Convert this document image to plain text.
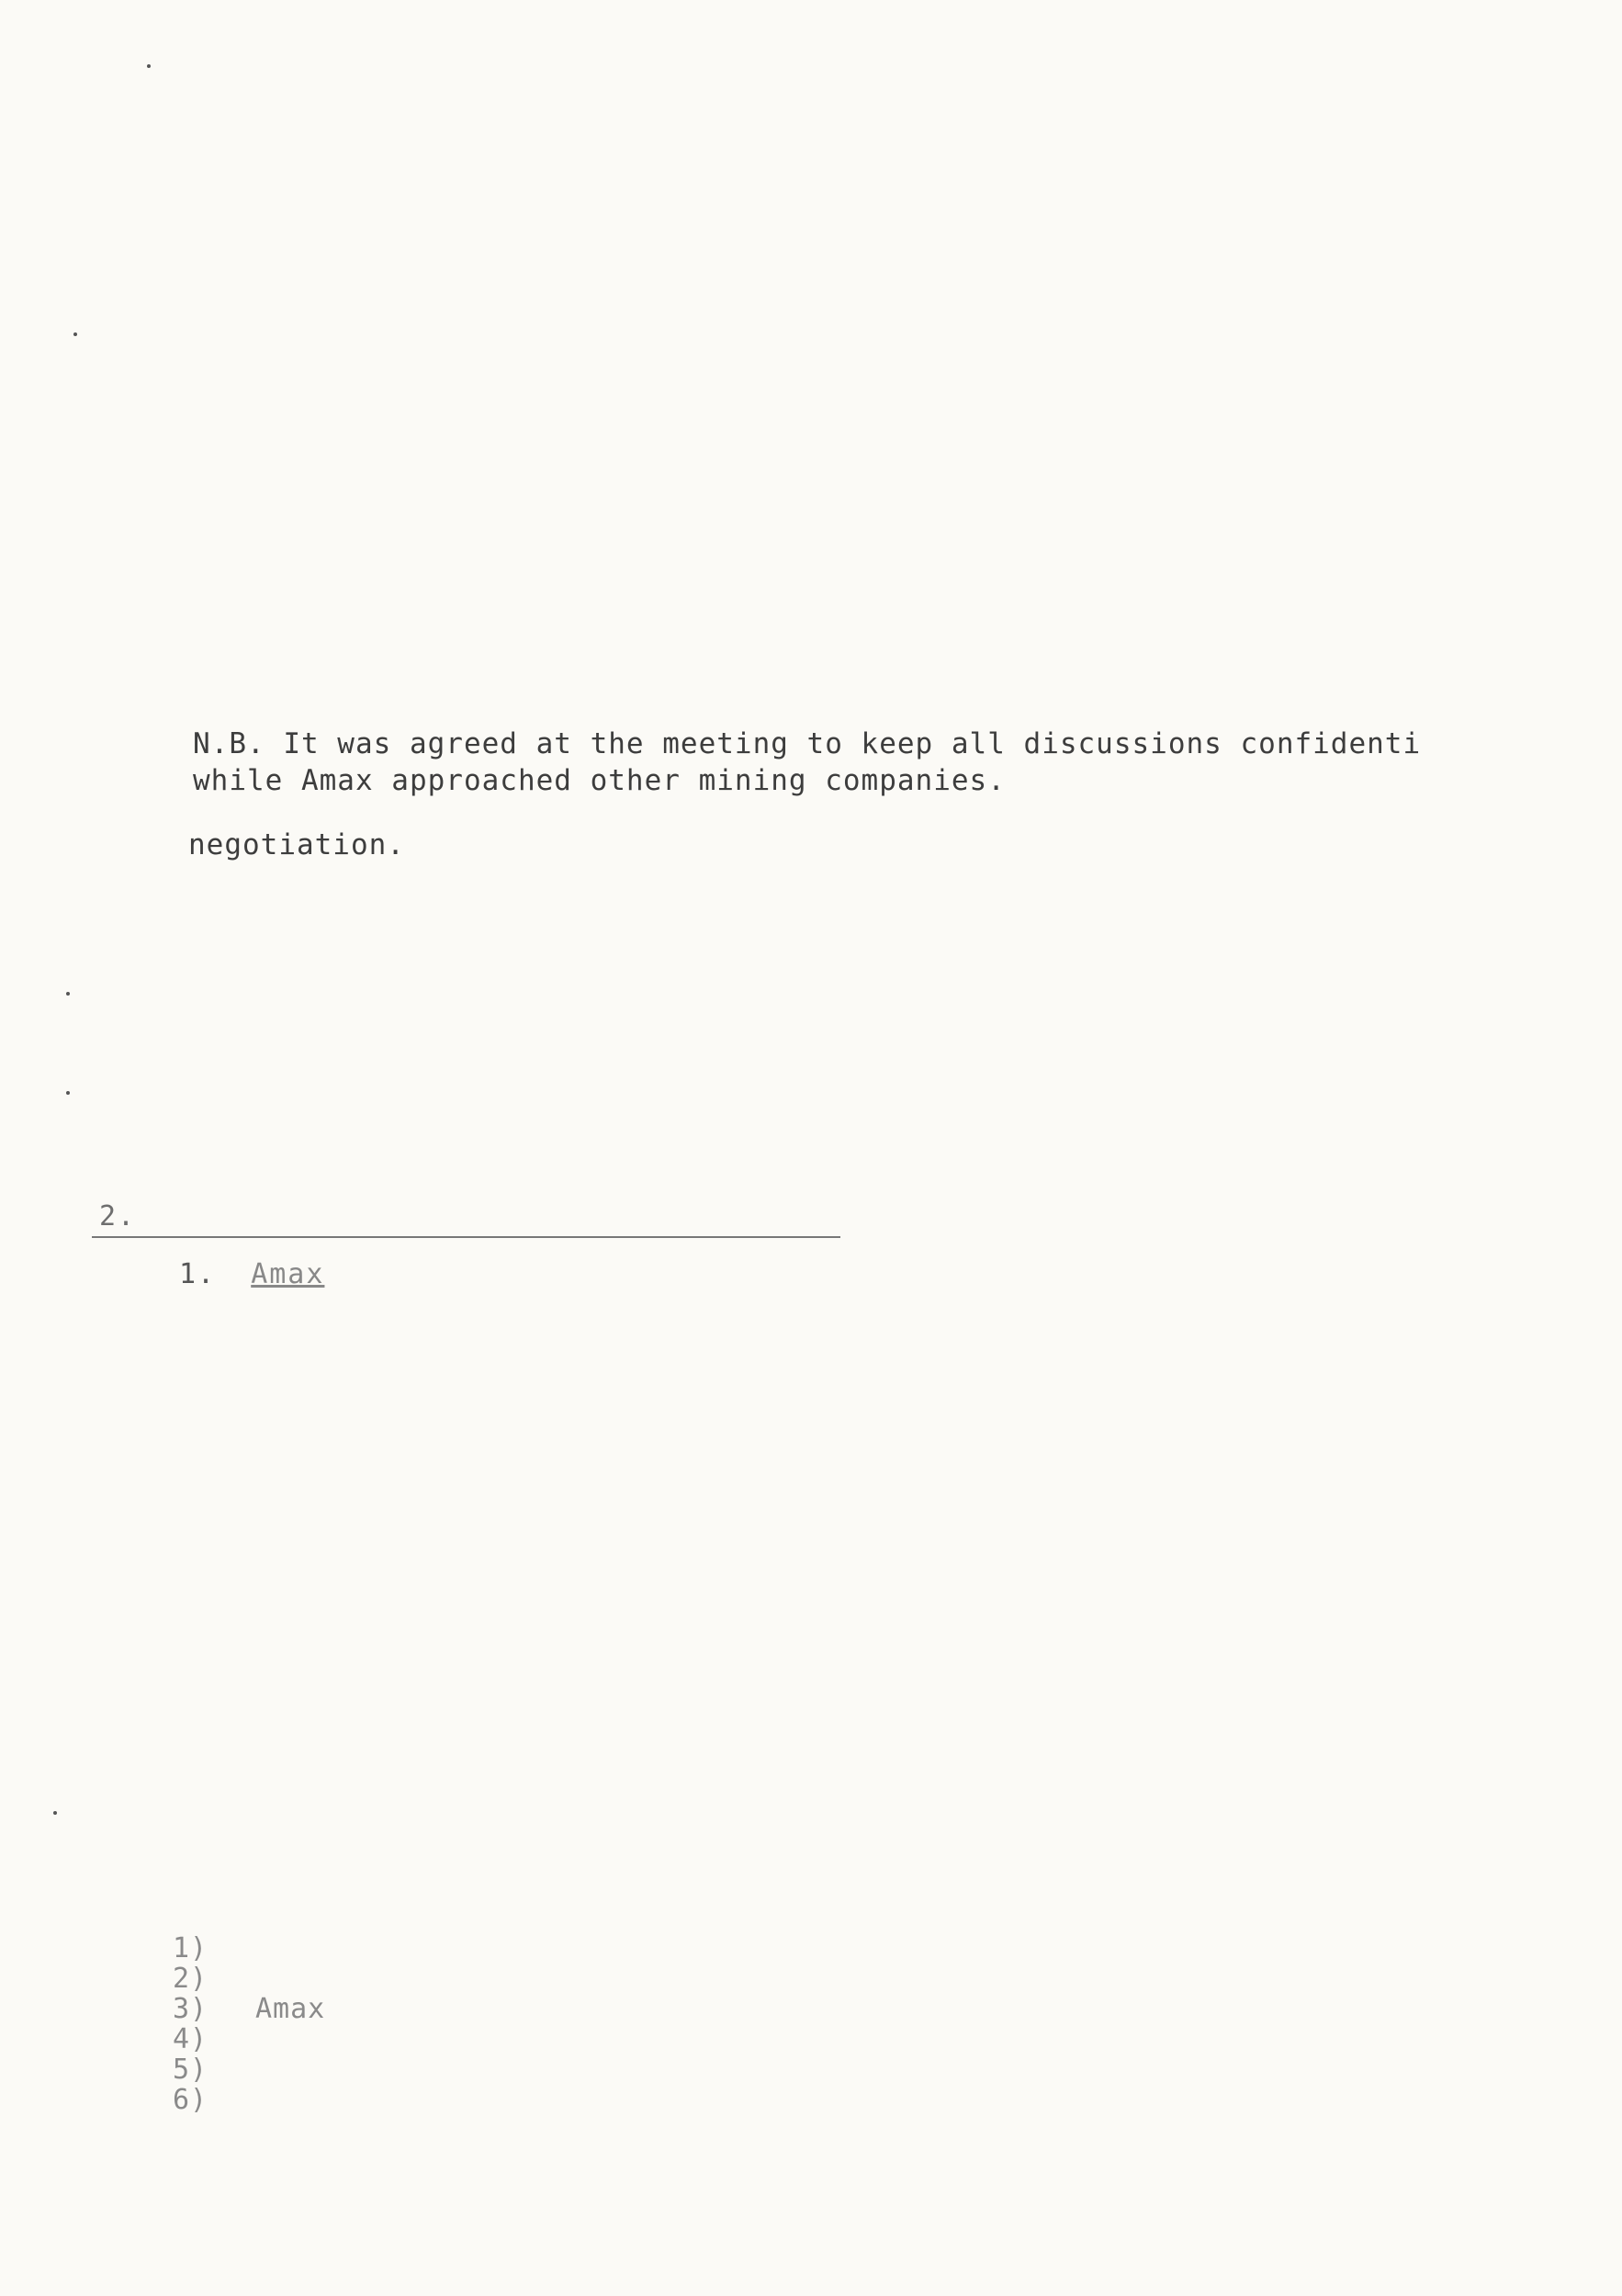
N.B. It was agreed at the meeting to keep all discussions confidenti
while Amax approached other mining companies.
negotiation.
2.
1. Amax
1)
2)
3)	Amax
4)
5)
6)
